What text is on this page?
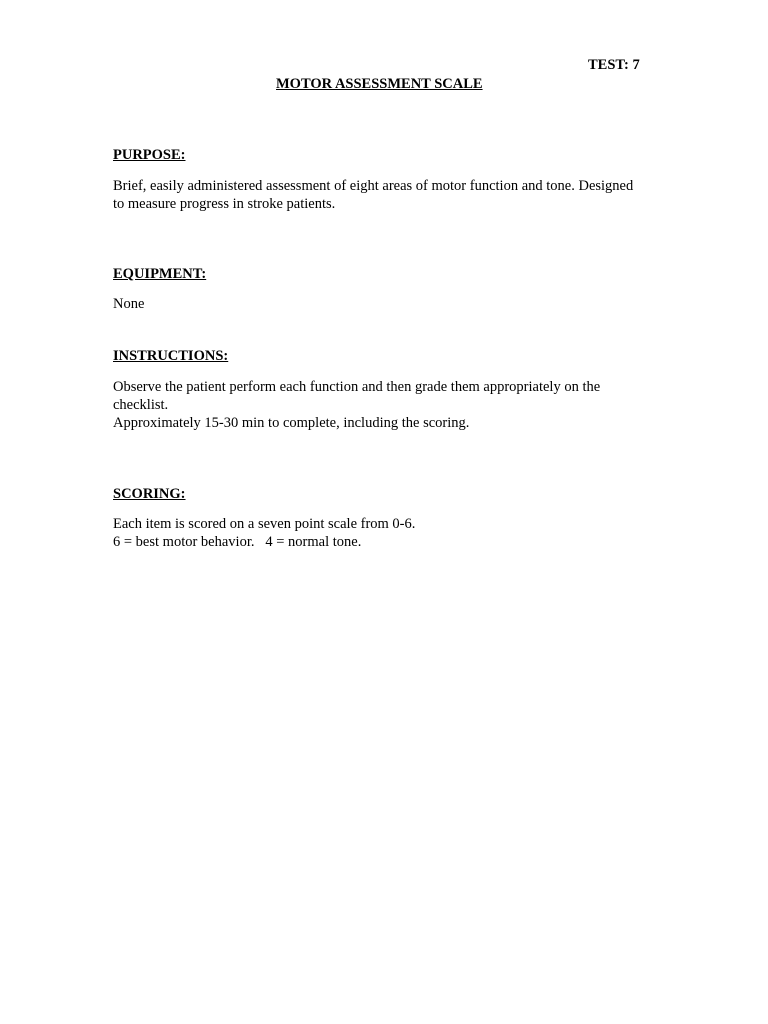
TEST: 7
MOTOR ASSESSMENT SCALE
PURPOSE:
Brief, easily administered assessment of eight areas of motor function and tone. Designed
to measure progress in stroke patients.
EQUIPMENT:
None
INSTRUCTIONS:
Observe the patient perform each function and then grade them appropriately on the
checklist.
Approximately 15-30 min to complete, including the scoring.
SCORING:
Each item is scored on a seven point scale from 0-6.
6 = best motor behavior.   4 = normal tone.
